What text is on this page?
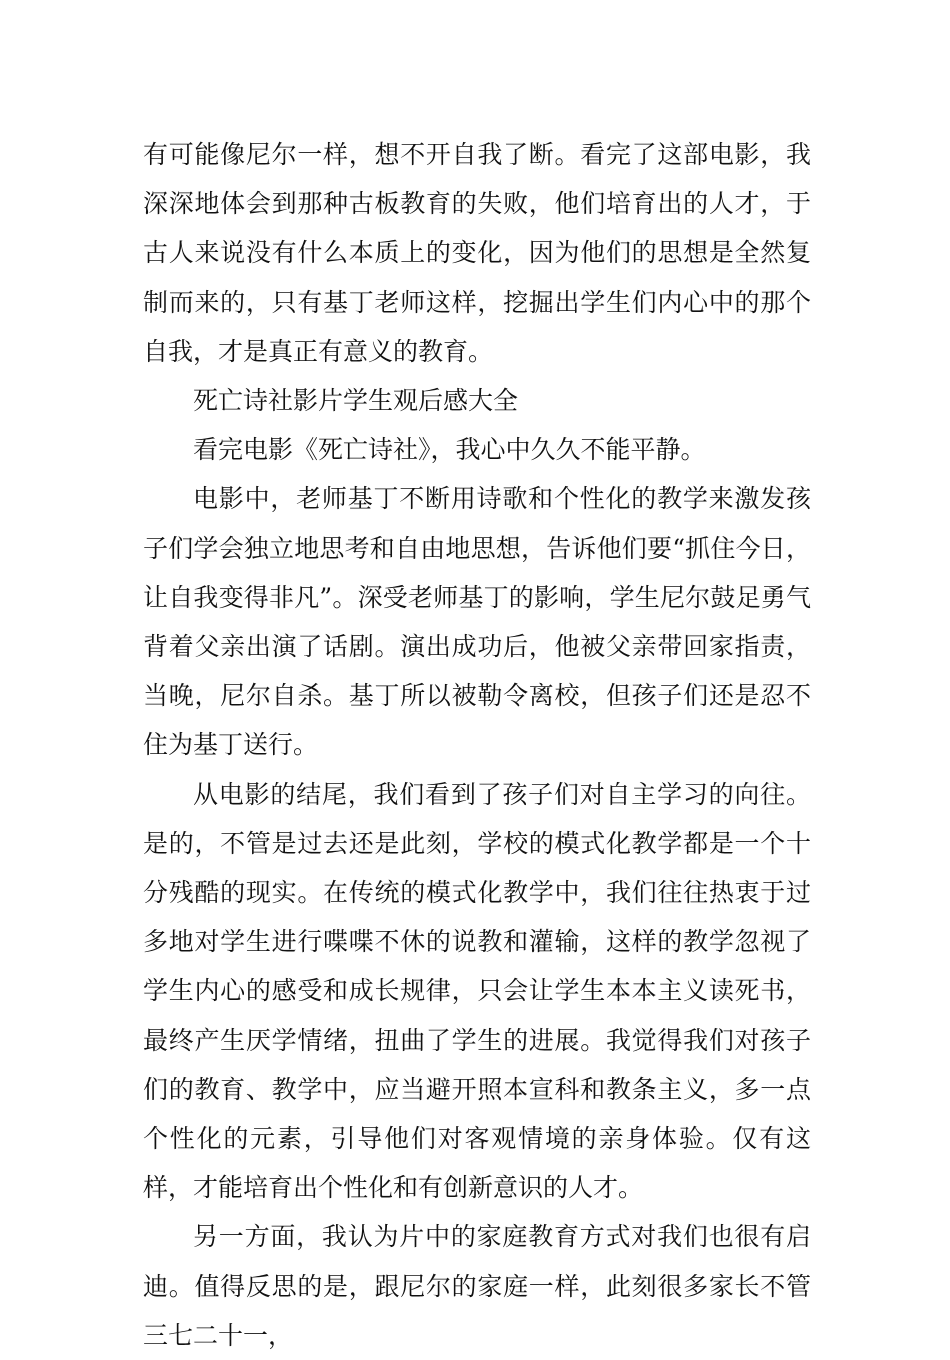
有可能像尼尔一样，想不开自我了断。看完了这部电影，我深深地体会到那种古板教育的失败，他们培育出的人才，于古人来说没有什么本质上的变化，因为他们的思想是全然复制而来的，只有基丁老师这样，挖掘出学生们内心中的那个自我，才是真正有意义的教育。

死亡诗社影片学生观后感大全

看完电影《死亡诗社》，我心中久久不能平静。

电影中，老师基丁不断用诗歌和个性化的教学来激发孩子们学会独立地思考和自由地思想，告诉他们要“抓住今日，让自我变得非凡”。深受老师基丁的影响，学生尼尔鼓足勇气背着父亲出演了话剧。演出成功后，他被父亲带回家指责，当晚，尼尔自杀。基丁所以被勒令离校，但孩子们还是忍不住为基丁送行。

从电影的结尾，我们看到了孩子们对自主学习的向往。是的，不管是过去还是此刻，学校的模式化教学都是一个十分残酷的现实。在传统的模式化教学中，我们往往热衷于过多地对学生进行喋喋不休的说教和灌输，这样的教学忽视了学生内心的感受和成长规律，只会让学生本本主义读死书，最终产生厌学情绪，扭曲了学生的进展。我觉得我们对孩子们的教育、教学中，应当避开照本宣科和教条主义，多一点个性化的元素，引导他们对客观情境的亲身体验。仅有这样，才能培育出个性化和有创新意识的人才。

另一方面，我认为片中的家庭教育方式对我们也很有启迪。值得反思的是，跟尼尔的家庭一样，此刻很多家长不管三七二十一，
